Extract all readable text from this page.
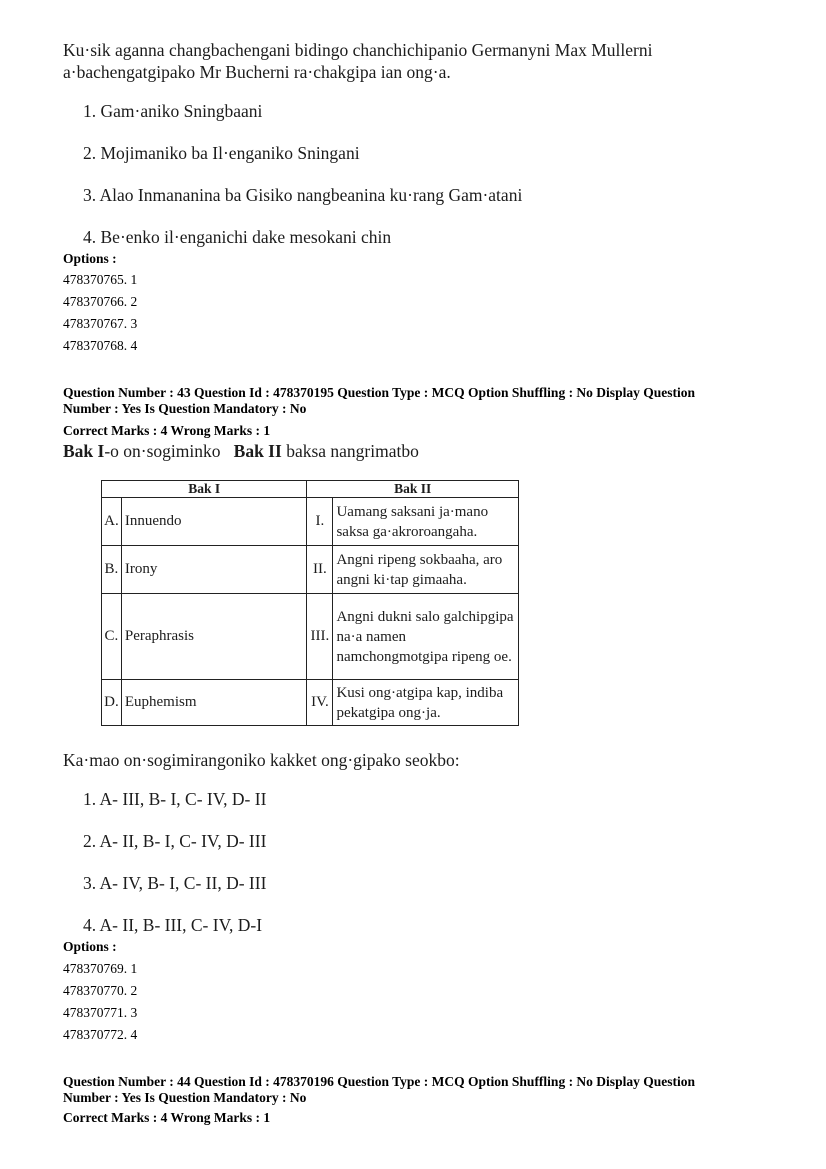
Ku·sik aganna changbachengani bidingo chanchichipanio Germanyni Max Mullerni
a·bachengatgipako Mr Bucherni ra·chakgipa ian ong·a.
1. Gam·aniko Sningbaani
2. Mojimaniko ba Il·enganiko Sningani
3. Alao Inmananina ba Gisiko nangbeanina ku·rang Gam·atani
4. Be·enko il·enganichi dake mesokani chin
Options :
478370765. 1
478370766. 2
478370767. 3
478370768. 4
Question Number : 43 Question Id : 478370195 Question Type : MCQ Option Shuffling : No Display Question
Number : Yes Is Question Mandatory : No
Correct Marks : 4 Wrong Marks : 1
Bak I-o on·sogiminko Bak II baksa nangrimatbo
Bak I		Bak II	
A.	Innuendo	I.	Uamang saksani ja·mano saksa ga·akroroangaha.
B.	Irony	II.	Angni ripeng sokbaaha, aro angni ki·tap gimaaha.
C.	Peraphrasis	III.	Angni dukni salo galchipgipa na·a namen namchongmotgipa ripeng oe.
D.	Euphemism	IV.	Kusi ong·atgipa kap, indiba pekatgipa ong·ja.
Ka·mao on·sogimirangoniko kakket ong·gipako seokbo:
1. A- III, B- I, C- IV, D- II
2. A- II, B- I, C- IV, D- III
3. A- IV, B- I, C- II, D- III
4. A- II, B- III, C- IV, D-I
Options :
478370769. 1
478370770. 2
478370771. 3
478370772. 4
Question Number : 44 Question Id : 478370196 Question Type : MCQ Option Shuffling : No Display Question
Number : Yes Is Question Mandatory : No
Correct Marks : 4 Wrong Marks : 1
